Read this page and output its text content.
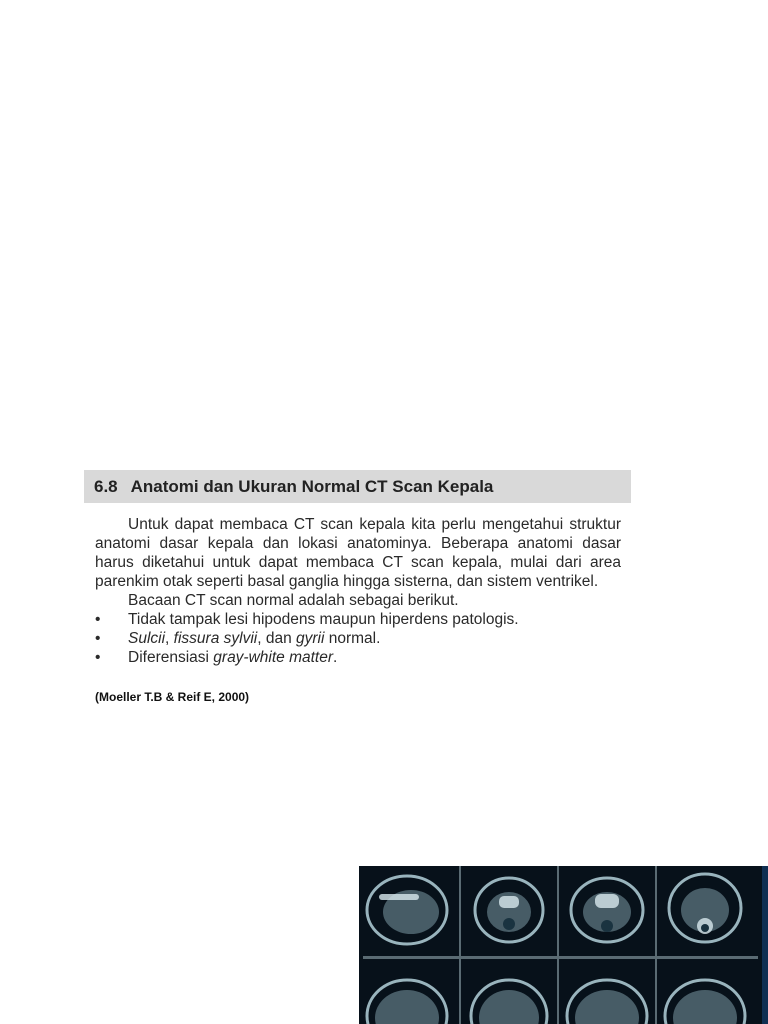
6.8 Anatomi dan Ukuran Normal CT Scan Kepala

Untuk dapat membaca CT scan kepala kita perlu mengetahui struktur anatomi dasar kepala dan lokasi anatominya. Beberapa anatomi dasar harus diketahui untuk dapat membaca CT scan kepala, mulai dari area parenkim otak seperti basal ganglia hingga sisterna, dan sistem ventrikel.

Bacaan CT scan normal adalah sebagai berikut.

•	Tidak tampak lesi hipodens maupun hiperdens patologis.
•	Sulcii, fissura sylvii, dan gyrii normal.
•	Diferensiasi gray-white matter.
(Moeller T.B & Reif E, 2000)
